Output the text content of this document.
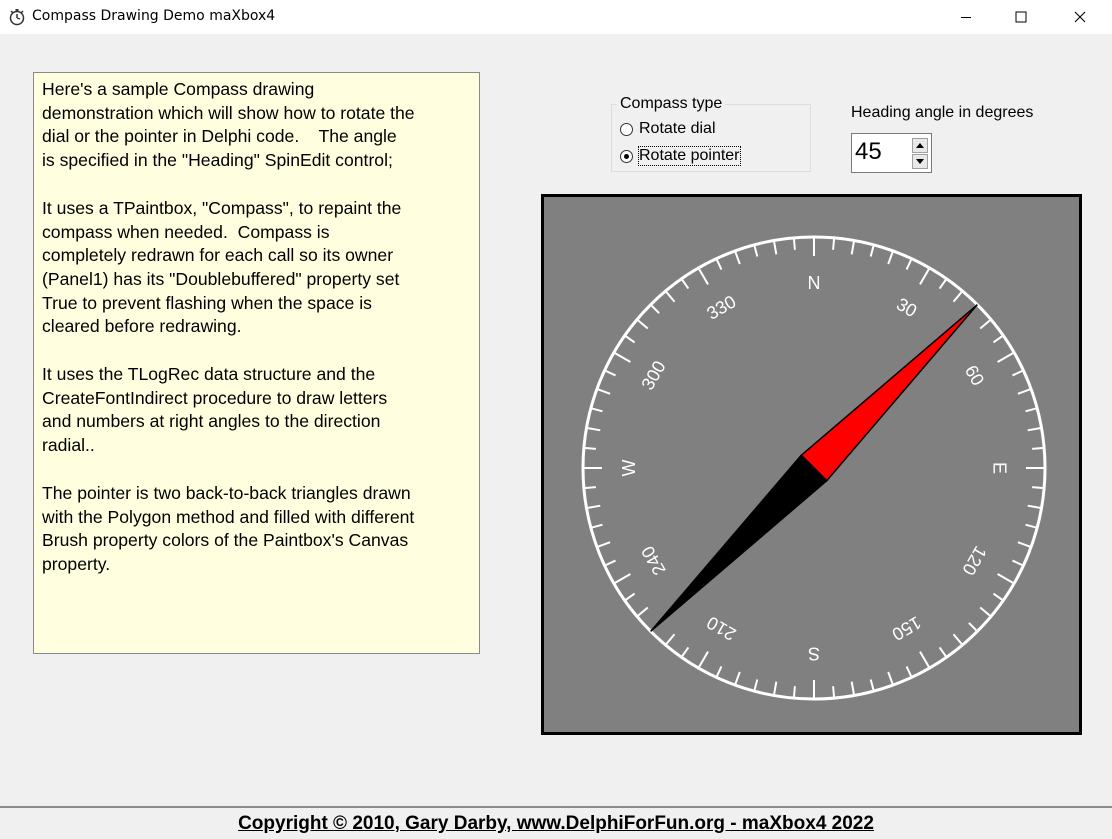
Compass Drawing Demo maXbox4

Here's a sample Compass drawing
demonstration which will show how to rotate the
dial or the pointer in Delphi code.    The angle
is specified in the "Heading" SpinEdit control;

It uses a TPaintbox, "Compass", to repaint the
compass when needed.  Compass is
completely redrawn for each call so its owner
(Panel1) has its "Doublebuffered" property set
True to prevent flashing when the space is
cleared before redrawing.

It uses the TLogRec data structure and the
CreateFontIndirect procedure to draw letters
and numbers at right angles to the direction
radial..

The pointer is two back-to-back triangles drawn
with the Polygon method and filled with different
Brush property colors of the Paintbox's Canvas
property.

Compass type
Rotate dial
Rotate pointer
Heading angle in degrees
45
N
30
60
E
120
150
S
210
240
W
300
330
Copyright © 2010, Gary Darby, www.DelphiForFun.org - maXbox4 2022
